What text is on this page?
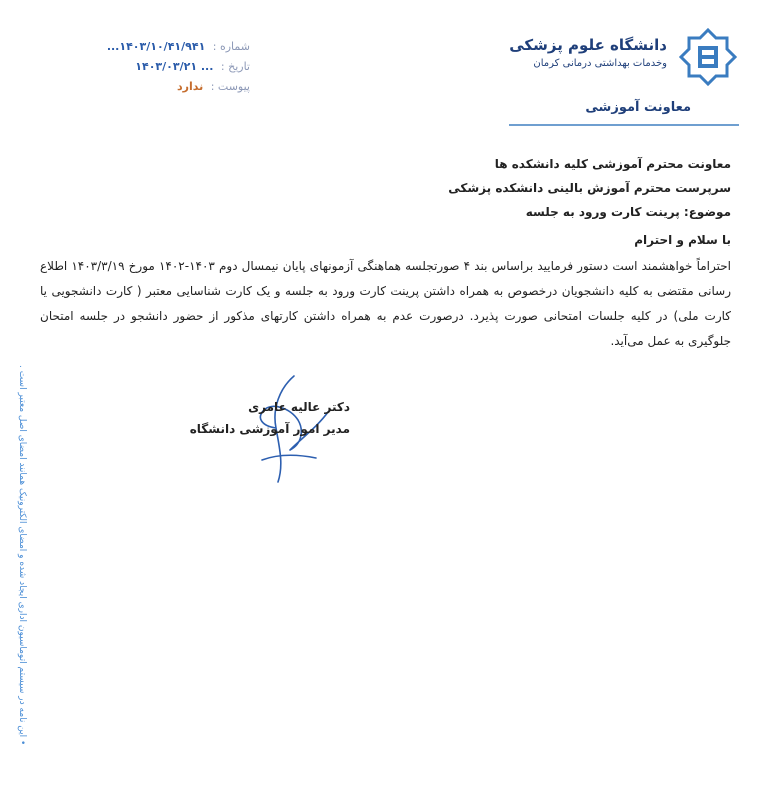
دانشگاه علوم پزشکی
وخدمات بهداشتی درمانی کرمان
معاونت آموزشی
شماره : ۱۴۰۳/۱۰/۴۱/۹۴۱...
تاریخ : ... ۱۴۰۳/۰۳/۲۱
پیوست : ندارد
معاونت محترم آموزشی کلیه دانشکده ها
سرپرست محترم آموزش بالینی دانشکده پزشکی
موضوع: پرینت کارت ورود به جلسه
با سلام و احترام
احتراماً خواهشمند است دستور فرمایید براساس بند ۴ صورتجلسه هماهنگی آزمونهای پایان نیمسال دوم ۱۴۰۳-۱۴۰۲ مورخ ۱۴۰۳/۳/۱۹ اطلاع رسانی مقتضی به کلیه دانشجویان درخصوص به همراه داشتن پرینت کارت ورود به جلسه و یک کارت شناسایی معتبر ( کارت دانشجویی یا کارت ملی) در کلیه جلسات امتحانی صورت پذیرد. درصورت عدم به همراه داشتن کارتهای مذکور از حضور دانشجو در جلسه امتحان جلوگیری به عمل می‌آید.
دکتر عالیه عامری
مدیر امور آموزشی دانشگاه
• این نامه در سیستم اتوماسیون اداری ایجاد شده و امضای الکترونیک همانند امضای اصل معتبر است .
